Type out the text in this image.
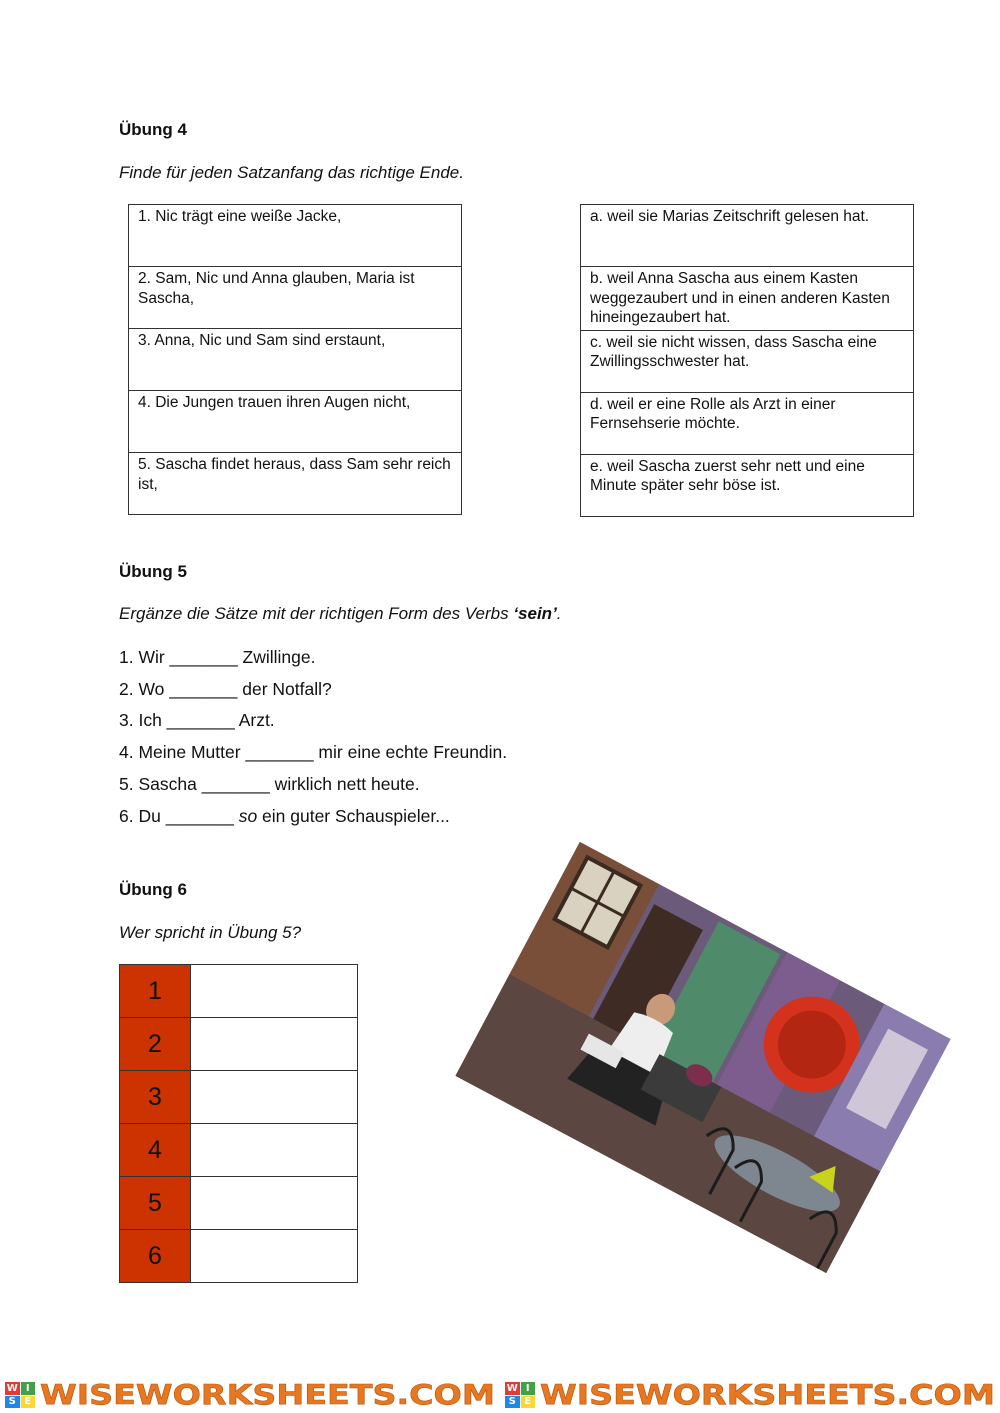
Übung 4
Finde für jeden Satzanfang das richtige Ende.
1. Nic trägt eine weiße Jacke,
2. Sam, Nic und Anna glauben, Maria ist Sascha,
3. Anna, Nic und Sam sind erstaunt,
4. Die Jungen trauen ihren Augen nicht,
5. Sascha findet heraus, dass Sam sehr reich ist,
a. weil sie Marias Zeitschrift gelesen hat.
b. weil Anna Sascha aus einem Kasten weggezaubert und in einen anderen Kasten hineingezaubert hat.
c. weil sie nicht wissen, dass Sascha eine Zwillingsschwester hat.
d. weil er eine Rolle als Arzt in einer Fernsehserie möchte.
e. weil Sascha zuerst sehr nett und eine Minute später sehr böse ist.
Übung 5
Ergänze die Sätze mit der richtigen Form des Verbs ‘sein’.
1. Wir _______ Zwillinge.
2. Wo _______ der Notfall?
3. Ich _______ Arzt.
4. Meine Mutter _______ mir eine echte Freundin.
5. Sascha _______ wirklich nett heute.
6. Du _______ so ein guter Schauspieler...
Übung 6
Wer spricht in Übung 5?
1	
2	
3	
4	
5	
6	
W I
S E WISEWORKSHEETS.COM W I
S E WISEWORKSHEETS.COM
